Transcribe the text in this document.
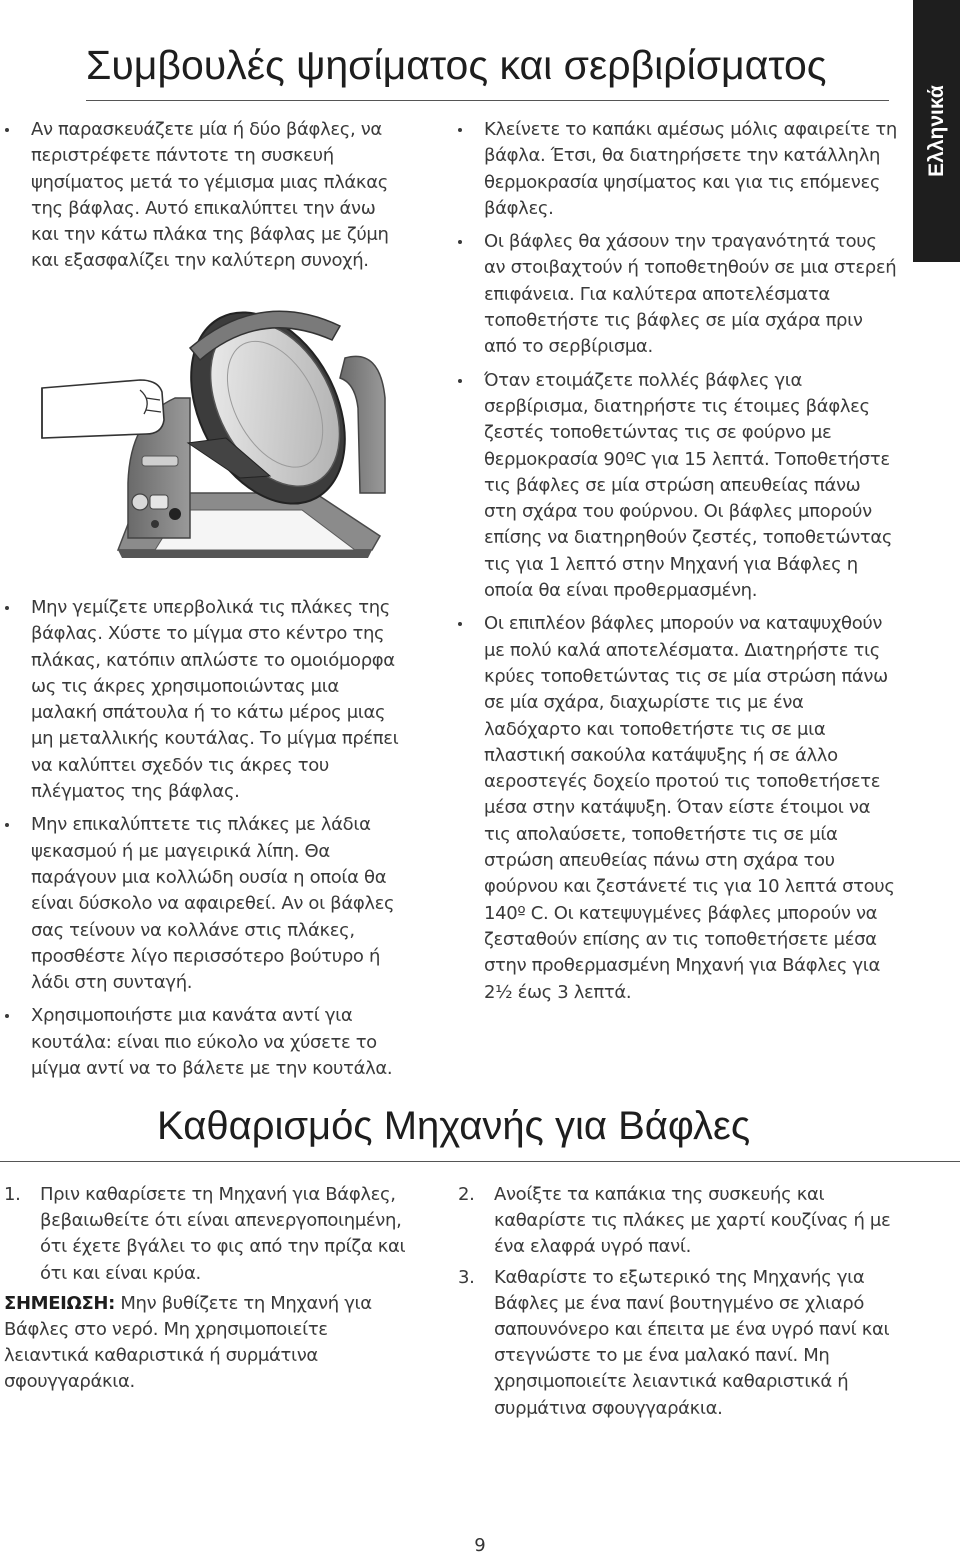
Ελληνικά
Συμβουλές ψησίματος και σερβιρίσματος
Αν παρασκευάζετε μία ή δύο βάφλες, να περιστρέφετε πάντοτε τη συσκευή ψησίματος μετά το γέμισμα μιας πλάκας της βάφλας. Αυτό επικαλύπτει την άνω και την κάτω πλάκα της βάφλας με ζύμη και εξασφαλίζει την καλύτερη συνοχή.
Μην γεμίζετε υπερβολικά τις πλάκες της βάφλας. Χύστε το μίγμα στο κέντρο της πλάκας, κατόπιν απλώστε το ομοιόμορφα ως τις άκρες χρησιμοποιώντας μια μαλακή σπάτουλα ή το κάτω μέρος μιας μη μεταλλικής κουτάλας. Το μίγμα πρέπει να καλύπτει σχεδόν τις άκρες του πλέγματος της βάφλας.
Μην επικαλύπτετε τις πλάκες με λάδια ψεκασμού ή με μαγειρικά λίπη. Θα παράγουν μια κολλώδη ουσία η οποία θα είναι δύσκολο να αφαιρεθεί. Αν οι βάφλες σας τείνουν να κολλάνε στις πλάκες, προσθέστε λίγο περισσότερο βούτυρο ή λάδι στη συνταγή.
Χρησιμοποιήστε μια κανάτα αντί για κουτάλα: είναι πιο εύκολο να χύσετε το μίγμα αντί να το βάλετε με την κουτάλα.
Κλείνετε το καπάκι αμέσως μόλις αφαιρείτε τη βάφλα. Έτσι, θα διατηρήσετε την κατάλληλη θερμοκρασία ψησίματος και για τις επόμενες βάφλες.
Οι βάφλες θα χάσουν την τραγανότητά τους αν στοιβαχτούν ή τοποθετηθούν σε μια στερεή επιφάνεια. Για καλύτερα αποτελέσματα τοποθετήστε τις βάφλες σε μία σχάρα πριν από το σερβίρισμα.
Όταν ετοιμάζετε πολλές βάφλες για σερβίρισμα, διατηρήστε τις έτοιμες βάφλες ζεστές τοποθετώντας τις σε φούρνο με θερμοκρασία 90ºC για 15 λεπτά. Τοποθετήστε τις βάφλες σε μία στρώση απευθείας πάνω στη σχάρα του φούρνου. Οι βάφλες μπορούν επίσης να διατηρηθούν ζεστές, τοποθετώντας τις για 1 λεπτό στην Μηχανή για Βάφλες η οποία θα είναι προθερμασμένη.
Οι επιπλέον βάφλες μπορούν να καταψυχθούν με πολύ καλά αποτελέσματα. Διατηρήστε τις κρύες τοποθετώντας τις σε μία στρώση πάνω σε μία σχάρα, διαχωρίστε τις με ένα λαδόχαρτο και τοποθετήστε τις σε μια πλαστική σακούλα κατάψυξης ή σε άλλο αεροστεγές δοχείο προτού τις τοποθετήσετε μέσα στην κατάψυξη. Όταν είστε έτοιμοι να τις απολαύσετε, τοποθετήστε τις σε μία στρώση απευθείας πάνω στη σχάρα του φούρνου και ζεστάνετέ τις για 10 λεπτά στους 140º C. Οι κατεψυγμένες βάφλες μπορούν να ζεσταθούν επίσης αν τις τοποθετήσετε μέσα στην προθερμασμένη Μηχανή για Βάφλες για 2½ έως 3 λεπτά.
Καθαρισμός Μηχανής για Βάφλες
1. Πριν καθαρίσετε τη Μηχανή για Βάφλες, βεβαιωθείτε ότι είναι απενεργοποιημένη, ότι έχετε βγάλει το φις από την πρίζα και ότι και είναι κρύα.
ΣΗΜΕΙΩΣΗ: Μην βυθίζετε τη Μηχανή για Βάφλες στο νερό. Μη χρησιμοποιείτε λειαντικά καθαριστικά ή συρμάτινα σφουγγαράκια.
2. Ανοίξτε τα καπάκια της συσκευής και καθαρίστε τις πλάκες με χαρτί κουζίνας ή με ένα ελαφρά υγρό πανί.
3. Καθαρίστε το εξωτερικό της Μηχανής για Βάφλες με ένα πανί βουτηγμένο σε χλιαρό σαπουνόνερο και έπειτα με ένα υγρό πανί και στεγνώστε το με ένα μαλακό πανί. Μη χρησιμοποιείτε λειαντικά καθαριστικά ή συρμάτινα σφουγγαράκια.
9
